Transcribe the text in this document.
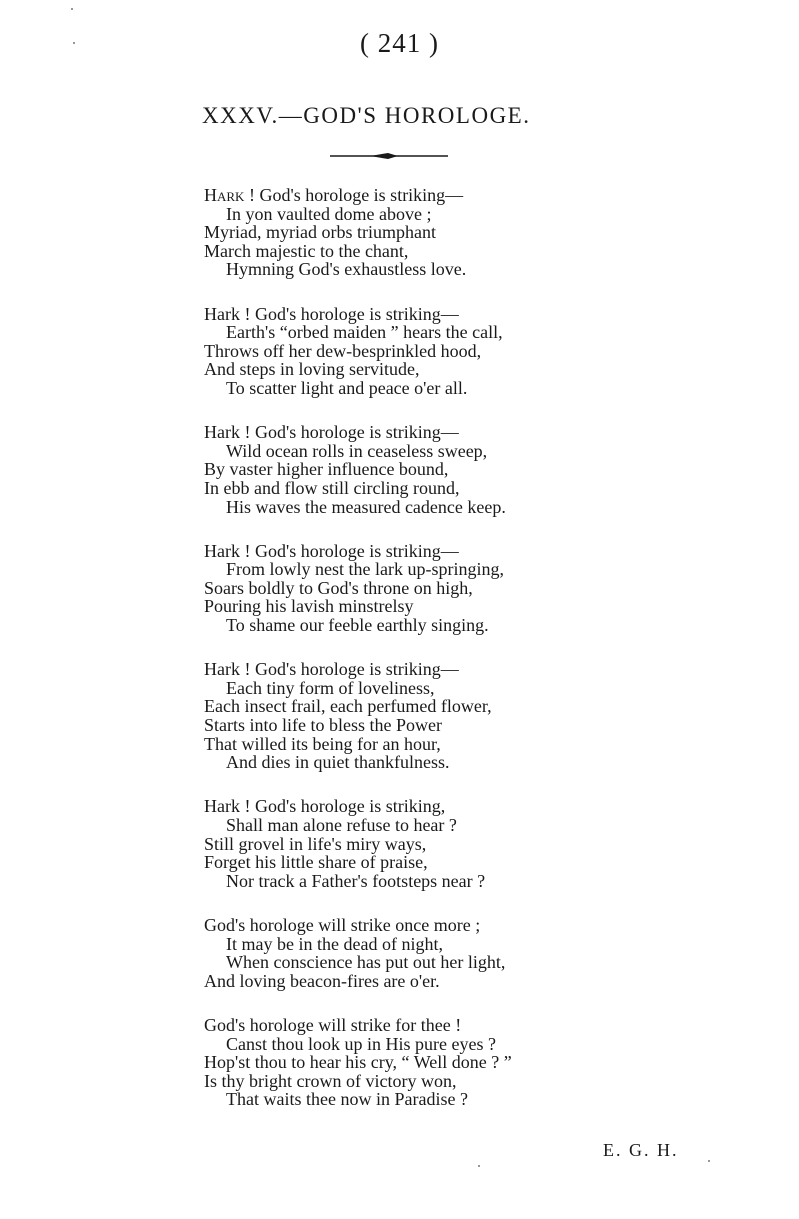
( 241 )
XXXV.—GOD'S HOROLOGE.
Hark ! God's horologe is striking—
In yon vaulted dome above ;
Myriad, myriad orbs triumphant
March majestic to the chant,
Hymning God's exhaustless love.
Hark ! God's horologe is striking—
Earth's “orbed maiden ” hears the call,
Throws off her dew-besprinkled hood,
And steps in loving servitude,
To scatter light and peace o'er all.
Hark ! God's horologe is striking—
Wild ocean rolls in ceaseless sweep,
By vaster higher influence bound,
In ebb and flow still circling round,
His waves the measured cadence keep.
Hark ! God's horologe is striking—
From lowly nest the lark up-springing,
Soars boldly to God's throne on high,
Pouring his lavish minstrelsy
To shame our feeble earthly singing.
Hark ! God's horologe is striking—
Each tiny form of loveliness,
Each insect frail, each perfumed flower,
Starts into life to bless the Power
That willed its being for an hour,
And dies in quiet thankfulness.
Hark ! God's horologe is striking,
Shall man alone refuse to hear ?
Still grovel in life's miry ways,
Forget his little share of praise,
Nor track a Father's footsteps near ?
God's horologe will strike once more ;
It may be in the dead of night,
When conscience has put out her light,
And loving beacon-fires are o'er.
God's horologe will strike for thee !
Canst thou look up in His pure eyes ?
Hop'st thou to hear his cry, “ Well done ? ”
Is thy bright crown of victory won,
That waits thee now in Paradise ?
E. G. H.
